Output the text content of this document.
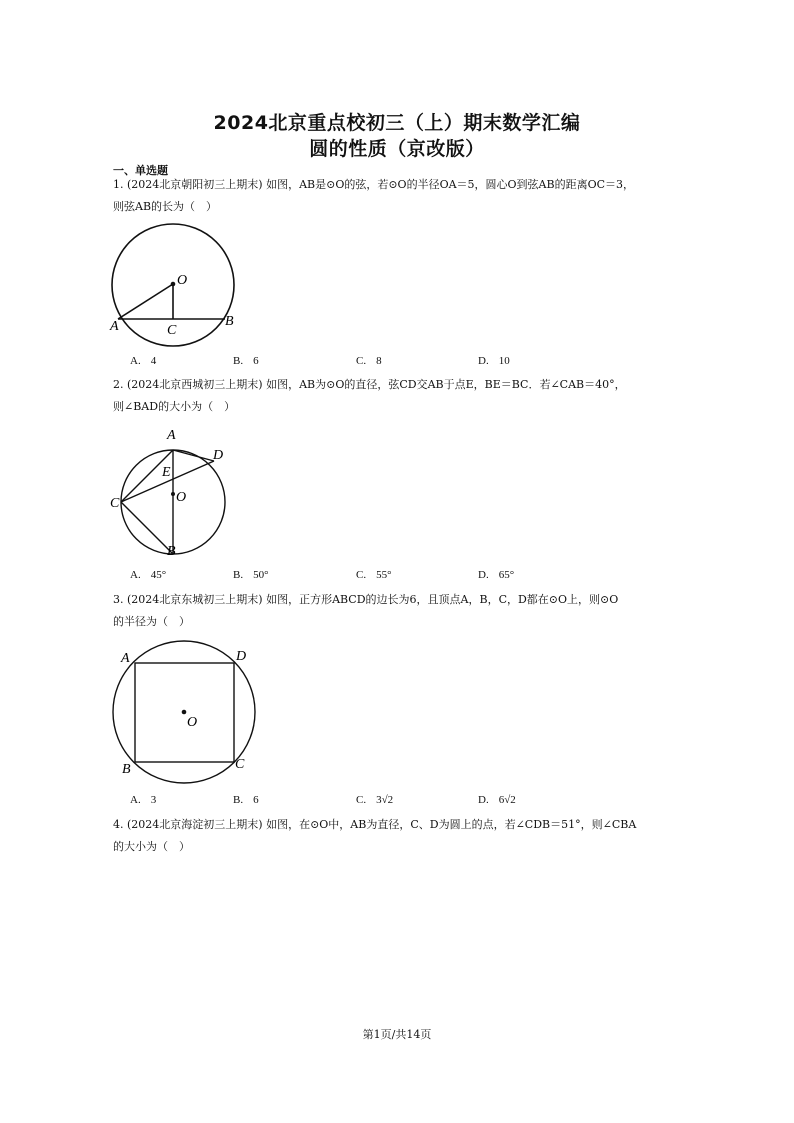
2024北京重点校初三（上）期末数学汇编
圆的性质（京改版）
一、单选题
1. (2024北京朝阳初三上期末) 如图，AB是⊙O的弦，若⊙O的半径OA＝5，圆心O到弦AB的距离OC＝3，
则弦AB的长为（　）
O
A	C
B
A. 4	B. 6	C. 8	D. 10
2. (2024北京西城初三上期末) 如图，AB为⊙O的直径，弦CD交AB于点E，BE＝BC．若∠CAB＝40°，
则∠BAD的大小为（　）
A
D
E
C	O
B
A. 45°	B. 50°	C. 55°	D. 65°
3. (2024北京东城初三上期末) 如图，正方形ABCD的边长为6，且顶点A，B，C，D都在⊙O上，则⊙O
的半径为（　）
A	D
O
B	C
A. 3	B. 6	C. 3√2	D. 6√2
4. (2024北京海淀初三上期末) 如图，在⊙O中，AB为直径，C、D为圆上的点，若∠CDB＝51°，则∠CBA
的大小为（　）
第1页/共14页
